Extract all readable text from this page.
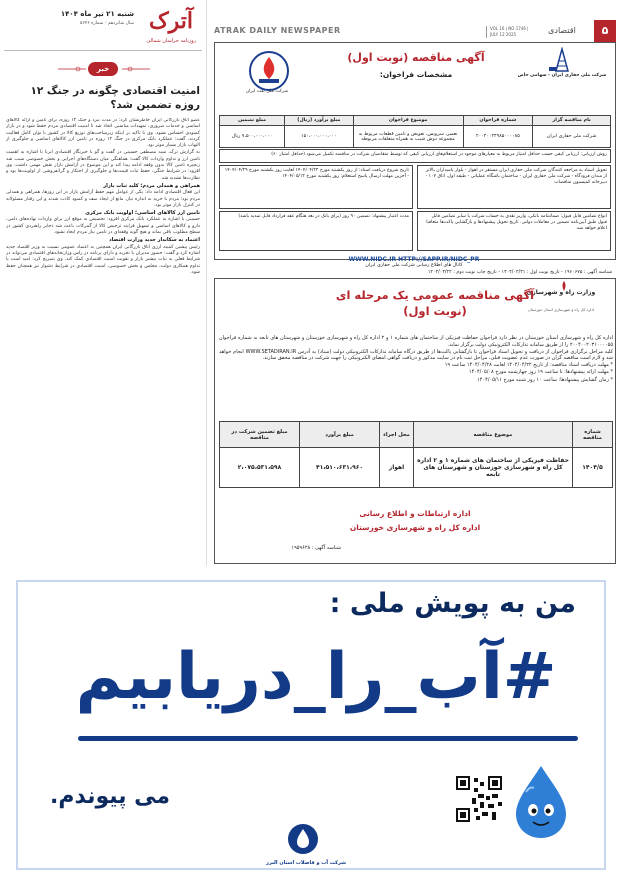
آترک
روزنامه خراسان شمالی
شنبه ۲۱ تیر ماه ۱۴۰۴
سال شانزدهم - شماره ۵۶۴۶
خبر
امنیت اقتصادی چگونه در جنگ ۱۲ روزه تضمین شد؟

عضو اتاق بازرگانی ایران خاطرنشان کرد: در مدت نبرد و جنگ ۱۲ روزه، برای تامین و ارائه کالاهای اساسی و خدمات ضروری، تمهیدات مناسبی اتخاذ شد تا امنیت اقتصادی مردم حفظ شود و در بازار کمبودی احساس نشود. وی با تاکید بر اینکه زیرساخت‌های توزیع کالا در کشور با توان کامل فعالیت کردند، گفت: عملکرد بانک مرکزی در جنگ ۱۲ روزه در تامین ارز کالاهای اساسی و جلوگیری از التهاب بازار بسیار موثر بود.

به گزارش ترک، سید مصطفی حسینی در گفت و گو با خبرنگار اقتصادی ایرنا با اشاره به اهمیت تامین ارز و تداوم واردات کالا گفت: هماهنگی میان دستگاه‌های اجرایی و بخش خصوصی سبب شد زنجیره تامین کالا بدون وقفه ادامه پیدا کند و این موضوع در آرامش بازار نقش مهمی داشت. وی افزود: در شرایط جنگی، حفظ ثبات قیمت‌ها و جلوگیری از احتکار و گرانفروشی از اولویت‌ها بود و نظارت‌ها تشدید شد.

همراهی و همدلی مردم؛ کلید ثبات بازار

این فعال اقتصادی ادامه داد: یکی از عوامل مهم حفظ آرامش بازار در این روزها، همراهی و همدلی مردم بود؛ مردم با خرید به اندازه نیاز، مانع از ایجاد صف و کمبود کاذب شدند و این رفتار مسئولانه در کنترل بازار موثر بود.

تامین ارز کالاهای اساسی؛ اولویت بانک مرکزی

حسینی با اشاره به عملکرد بانک مرکزی افزود: تخصیص به موقع ارز برای واردات نهاده‌های دامی، دارو و کالاهای اساسی و تسهیل فرایند ترخیص کالا از گمرکات باعث شد ذخایر راهبردی کشور در سطح مطلوب باقی بماند و هیچ گونه وقفه‌ای در تامین نیاز مردم ایجاد نشود.

اعتماد به سکاندار جدید وزارت اقتصاد

رئیس پیشین کمیته ارزی اتاق بازرگانی ایران همچنین به اعتماد عمومی نسبت به وزیر اقتصاد جدید اشاره کرد و گفت: حضور مدیران با تجربه و دارای برنامه در راس وزارتخانه‌های اقتصادی می‌تواند در شرایط فعلی به ثبات بیشتر بازار و تقویت امنیت اقتصادی کمک کند. وی تصریح کرد: امید است با تداوم همکاری دولت، مجلس و بخش خصوصی، امنیت اقتصادی در شرایط دشوار نیز همچنان حفظ شود.

ATRAK DAILY NEWSPAPER	VOL 16 | NO 1746 | JULY 12 2025	اقتصادی	۵
شرکت ملی نفت ایران
آگهی مناقصه (نوبت اول)
مشخصات فراخوان:	شرکت ملی حفاری ایران - سهامی خاص
نام مناقصه گزار	شماره فراخوان	موضوع فراخوان	مبلغ برآورد (ریال)	مبلغ تضمین
شرکت ملی حفاری ایران	۲۰۰۴۰۰۲۴۹۸۵۰۰۰۰۸۵	تعمیر، سرویس، تعویض و تامین قطعات مربوط به مجموعه دوش شیب به همراه متعلقات مربوطه	۱۵۰،۰۰۰،۰۰۰،۰۰۰	۷،۵۰۰،۰۰۰،۰۰۰ ریال
روش ارزیابی: ارزیابی کیفی حسب حداقل امتیاز مربوط به معیارهای موجود در استعلام‌های ارزیابی کیفی که توسط متقاضیان شرکت در مناقصه تکمیل می‌شود (حداقل امتیاز ۶۰)
تحویل اسناد به مراجعه کنندگان شرکت ملی حفاری ایران مستقر در اهواز - بلوار پاسداران بالاتر از میدان فرودگاه - شرکت ملی حفاری ایران - ساختمان باشگاه عملیاتی - طبقه اول، اتاق ۱۰۷ - دبیرخانه کمیسیون مناقصات
تاریخ شروع دریافت اسناد: از روز یکشنبه مورخ ۱۴۰۴/۰۴/۲۲ لغایت روز یکشنبه مورخ ۱۴۰۴/۰۴/۲۹ - آخرین مهلت ارسال پاسخ استعلام: روز یکشنبه مورخ ۱۴۰۴/۰۵/۱۲
انواع تضامین قابل قبول: ضمانتنامه بانکی، واریز نقدی به حساب شرکت یا سایر تضامین قابل قبول طبق آیین‌نامه تضمین در معاملات دولتی. تاریخ تحویل پیشنهادها و بازگشایی پاکت‌ها متعاقبا اعلام خواهد شد.
مدت اعتبار پیشنهاد: تضمین ۹۰ روز (برای بانک در بعد هنگام عقد قرارداد قابل تمدید باشد)
WWW.NIDC.IR HTTP://SAPP.IR/NIDC_PR
کانال های اطلاع رسانی شرکت ملی حفاری ایران
شناسه آگهی : ۱۹۶۰۶۷۵ - تاریخ نوبت اول : ۱۴۰۴/۰۴/۲۱ - تاریخ چاپ نوبت دوم : ۱۴۰۴/۰۴/۲۲
وزارت راه و شهرسازی
اداره کل راه و شهرسازی استان خوزستان
آگهی مناقصه عمومی یک مرحله ای (نوبت اول)

اداره کل راه و شهرسازی استان خوزستان در نظر دارد فراخوان حفاظت فیزیکی از ساختمان های شماره ۱ و ۲ اداره کل راه و شهرسازی خوزستان و شهرستان های تابعه به شماره فراخوان ۲۰۰۴۰۰۲۰۳۱۰۰۰۰۵۵ را از طریق سامانه تدارکات الکترونیکی دولت برگزار نماید.

کلیه مراحل برگزاری فراخوان از دریافت و تحویل اسناد فراخوان تا بازگشایی پاکت‌ها از طریق درگاه سامانه تدارکات الکترونیکی دولت (ستاد) به آدرس WWW.SETADIRAN.IR انجام خواهد شد و لازم است مناقصه گران در صورت عدم عضویت قبلی، مراحل ثبت نام در سایت مذکور و دریافت گواهی امضای الکترونیکی را جهت شرکت در مناقصه محقق سازند.

* مهلت دریافت اسناد مناقصه: از تاریخ ۱۴۰۴/۰۴/۲۲ لغایت ۱۴۰۴/۰۴/۲۸ ساعت ۱۹

* مهلت ارائه پیشنهادها: تا ساعت ۱۹ روز چهارشنبه مورخ ۱۴۰۴/۰۵/۰۸

* زمان گشایش پیشنهادها: ساعت ۱۰ روز شنبه مورخ ۱۴۰۴/۰۵/۱۱

شماره مناقصه	موضوع مناقصه	محل اجراء	مبلغ برآورد	مبلغ تضمین شرکت در مناقصه
۱۴۰۴/۵	حفاظت فیزیکی از ساختمان های شماره ۱ و ۲ اداره کل راه و شهرسازی خوزستان و شهرستان های تابعه	اهواز	۴۱،۵۱۰،۶۳۱،۹۶۰	۲،۰۷۵،۵۳۱،۵۹۸
اداره ارتباطات و اطلاع رسانی
اداره کل راه و شهرسازی خوزستان
شناسه آگهی : ۱۹۵۹۶۲۸
من به پویش ملی :
#آب_را_دریابیم
می پیوندم.
شرکت آب و فاضلاب استان البرز
